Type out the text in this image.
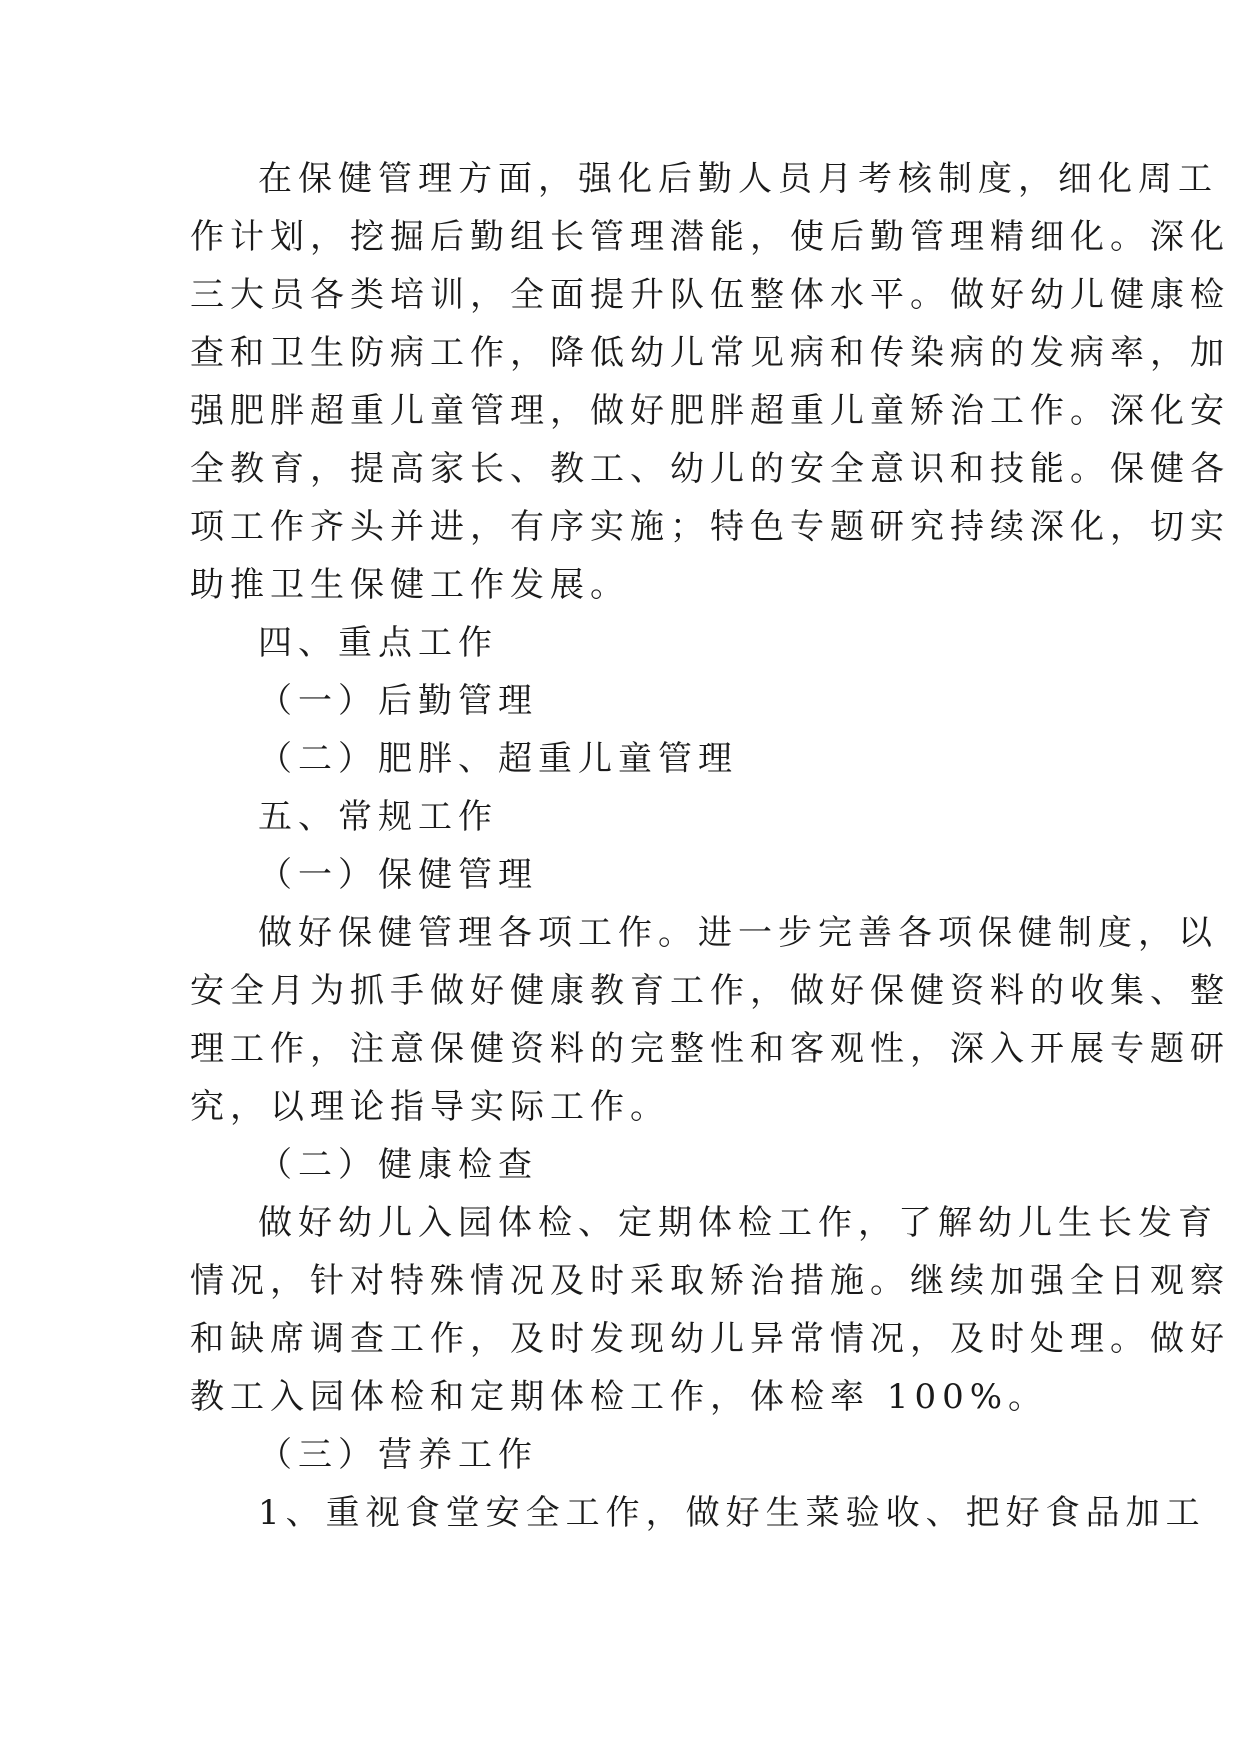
在保健管理方面，强化后勤人员月考核制度，细化周工
作计划，挖掘后勤组长管理潜能，使后勤管理精细化。深化
三大员各类培训，全面提升队伍整体水平。做好幼儿健康检
查和卫生防病工作，降低幼儿常见病和传染病的发病率，加
强肥胖超重儿童管理，做好肥胖超重儿童矫治工作。深化安
全教育，提高家长、教工、幼儿的安全意识和技能。保健各
项工作齐头并进，有序实施；特色专题研究持续深化，切实
助推卫生保健工作发展。
四、重点工作
（一）后勤管理
（二）肥胖、超重儿童管理
五、常规工作
（一）保健管理
做好保健管理各项工作。进一步完善各项保健制度，以
安全月为抓手做好健康教育工作，做好保健资料的收集、整
理工作，注意保健资料的完整性和客观性，深入开展专题研
究，以理论指导实际工作。
（二）健康检查
做好幼儿入园体检、定期体检工作，了解幼儿生长发育
情况，针对特殊情况及时采取矫治措施。继续加强全日观察
和缺席调查工作，及时发现幼儿异常情况，及时处理。做好
教工入园体检和定期体检工作，体检率 100%。
（三）营养工作
1、重视食堂安全工作，做好生菜验收、把好食品加工
